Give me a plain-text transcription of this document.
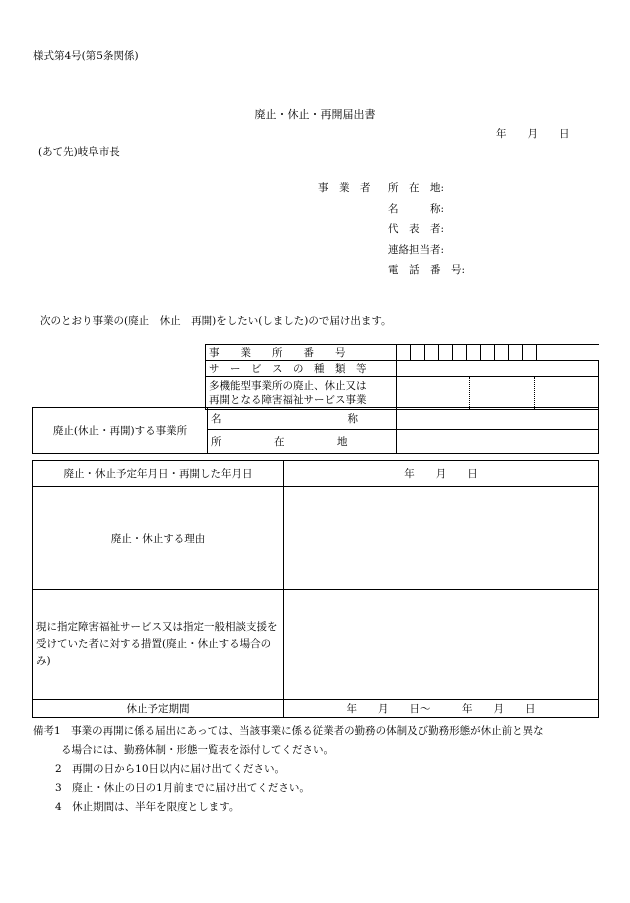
様式第4号(第5条関係)
廃止・休止・再開届出書
年　　月　　日
(あて先)岐阜市長
事　業　者	所　在　地:
名　　　称:
代　表　者:
連絡担当者:
電　話　番　号:
次のとおり事業の(廃止　休止　再開)をしたい(しました)ので届け出ます。
事　　業　　所　　番　　号	

サ　ー　ビ　ス　の　種　類　等	

多機能型事業所の廃止、休止又は
再開となる障害福祉サービス事業	

廃止(休止・再開)する事業所	名　　　　　　　　　　　　称	
	所　　　　　在　　　　　地	
廃止・休止予定年月日・再開した年月日	年　　月　　日
廃止・休止する理由	
現に指定障害福祉サービス又は指定一般相談支援を受けていた者に対する措置(廃止・休止する場合のみ)	
休止予定期間	年　　月　　日～　　　年　　月　　日
備考1　事業の再開に係る届出にあっては、当該事業に係る従業者の勤務の体制及び勤務形態が休止前と異な
る場合には、勤務体制・形態一覧表を添付してください。
2　再開の日から10日以内に届け出てください。
3　廃止・休止の日の1月前までに届け出てください。
4　休止期間は、半年を限度とします。
